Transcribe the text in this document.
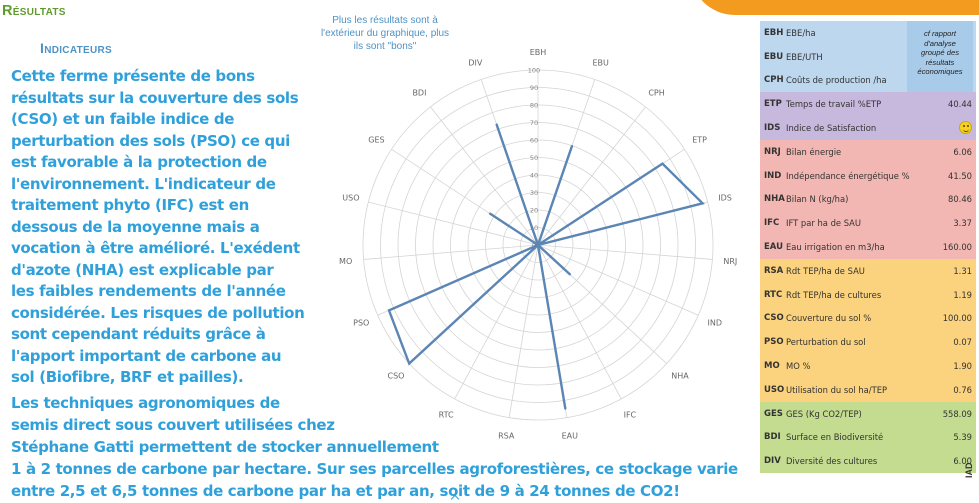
Résultats
Indicateurs
Cette ferme présente de bons
résultats sur la couverture des sols
(CSO) et un faible indice de
perturbation des sols (PSO) ce qui
est favorable à la protection de
l'environnement. L'indicateur de
traitement phyto (IFC) est en
dessous de la moyenne mais a
vocation à être amélioré. L'exédent
d'azote (NHA) est explicable par
les faibles rendements de l'année
considérée. Les risques de pollution
sont cependant réduits grâce à
l'apport important de carbone au
sol (Biofibre, BRF et pailles).
Les techniques agronomiques de
semis direct sous couvert utilisées chez
Stéphane Gatti permettent de stocker annuellement
1 à 2 tonnes de carbone par hectare. Sur ses parcelles agroforestières, ce stockage varie
entre 2,5 et 6,5 tonnes de carbone par ha et par an, soit de 9 à 24 tonnes de CO2!
Plus les résultats sont à
l'extérieur du graphique, plus
ils sont "bons"
EBH
EBU
CPH
ETP
IDS
NRJ
IND
NHA
IFC
EAU
RSA
RTC
CSO
PSO
MO
USO
GES
BDI
DIV
0
10
20
30
40
50
60
70
80
90
100
EBH EBE/ha
EBU EBE/UTH
CPH Coûts de production /ha
ETP Temps de travail %ETP	40.44
IDS Indice de Satisfaction
NRJ Bilan énergie	6.06
IND Indépendance énergétique %	41.50
NHA Bilan N (kg/ha)	80.46
IFC IFT par ha de SAU	3.37
EAU Eau irrigation en m3/ha	160.00
RSA Rdt TEP/ha de SAU	1.31
RTC Rdt TEP/ha de cultures	1.19
CSO Couverture du sol %	100.00
PSO Perturbation du sol	0.07
MO MO %	1.90
USO Utilisation du sol ha/TEP	0.76
GES GES (Kg CO2/TEP)	558.09
BDI Surface en Biodiversité	5.39
DIV Diversité des cultures	6.00
cf rapport
d'analyse
groupé des
résultats
économiques
IAD
